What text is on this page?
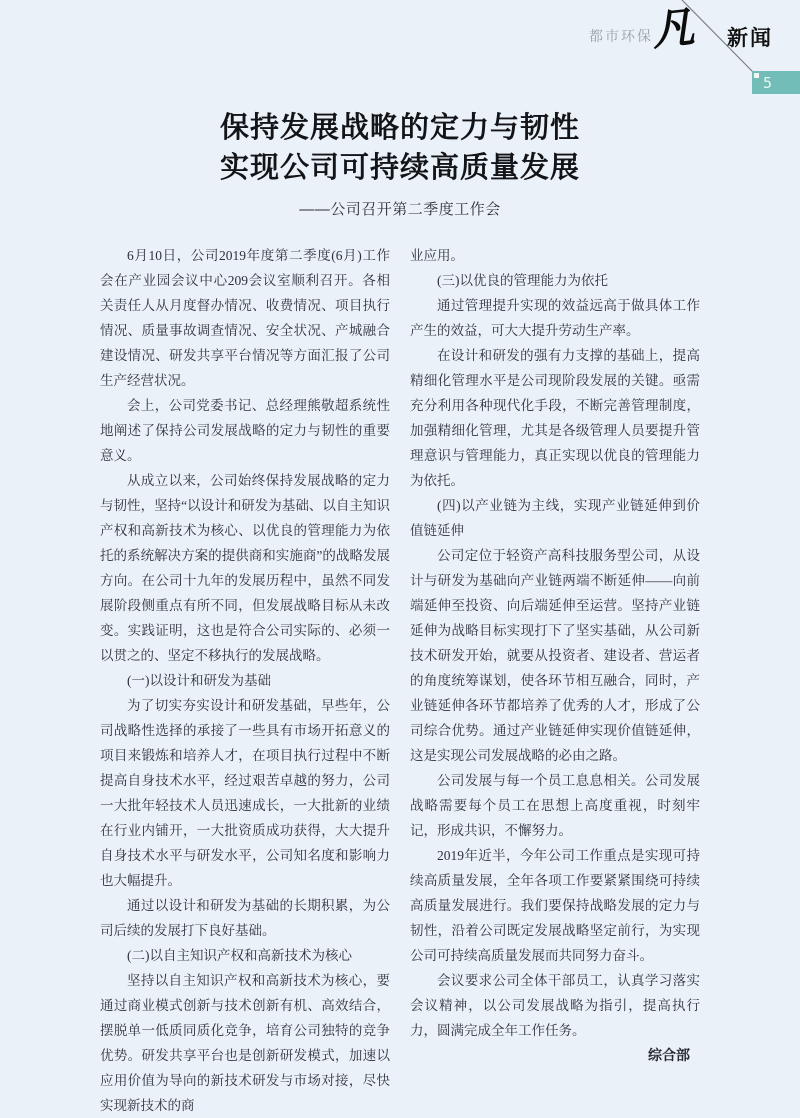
都市环保
凡 新闻
5
保持发展战略的定力与韧性
实现公司可持续高质量发展

——公司召开第二季度工作会

6月10日，公司2019年度第二季度(6月)工作会在产业园会议中心209会议室顺利召开。各相关责任人从月度督办情况、收费情况、项目执行情况、质量事故调查情况、安全状况、产城融合建设情况、研发共享平台情况等方面汇报了公司生产经营状况。

会上，公司党委书记、总经理熊敬超系统性地阐述了保持公司发展战略的定力与韧性的重要意义。

从成立以来，公司始终保持发展战略的定力与韧性，坚持“以设计和研发为基础、以自主知识产权和高新技术为核心、以优良的管理能力为依托的系统解决方案的提供商和实施商”的战略发展方向。在公司十九年的发展历程中，虽然不同发展阶段侧重点有所不同，但发展战略目标从未改变。实践证明，这也是符合公司实际的、必须一以贯之的、坚定不移执行的发展战略。

(一)以设计和研发为基础

为了切实夯实设计和研发基础，早些年，公司战略性选择的承接了一些具有市场开拓意义的项目来锻炼和培养人才，在项目执行过程中不断提高自身技术水平，经过艰苦卓越的努力，公司一大批年轻技术人员迅速成长，一大批新的业绩在行业内铺开，一大批资质成功获得，大大提升自身技术水平与研发水平，公司知名度和影响力也大幅提升。

通过以设计和研发为基础的长期积累，为公司后续的发展打下良好基础。

(二)以自主知识产权和高新技术为核心

坚持以自主知识产权和高新技术为核心，要通过商业模式创新与技术创新有机、高效结合，摆脱单一低质同质化竞争，培育公司独特的竞争优势。研发共享平台也是创新研发模式，加速以应用价值为导向的新技术研发与市场对接，尽快实现新技术的商

业应用。

(三)以优良的管理能力为依托

通过管理提升实现的效益远高于做具体工作产生的效益，可大大提升劳动生产率。

在设计和研发的强有力支撑的基础上，提高精细化管理水平是公司现阶段发展的关键。亟需充分利用各种现代化手段，不断完善管理制度，加强精细化管理，尤其是各级管理人员要提升管理意识与管理能力，真正实现以优良的管理能力为依托。

(四)以产业链为主线，实现产业链延伸到价值链延伸

公司定位于轻资产高科技服务型公司，从设计与研发为基础向产业链两端不断延伸——向前端延伸至投资、向后端延伸至运营。坚持产业链延伸为战略目标实现打下了坚实基础，从公司新技术研发开始，就要从投资者、建设者、营运者的角度统筹谋划，使各环节相互融合，同时，产业链延伸各环节都培养了优秀的人才，形成了公司综合优势。通过产业链延伸实现价值链延伸，这是实现公司发展战略的必由之路。

公司发展与每一个员工息息相关。公司发展战略需要每个员工在思想上高度重视，时刻牢记，形成共识，不懈努力。

2019年近半，今年公司工作重点是实现可持续高质量发展，全年各项工作要紧紧围绕可持续高质量发展进行。我们要保持战略发展的定力与韧性，沿着公司既定发展战略坚定前行，为实现公司可持续高质量发展而共同努力奋斗。

会议要求公司全体干部员工，认真学习落实会议精神，以公司发展战略为指引，提高执行力，圆满完成全年工作任务。

综合部
